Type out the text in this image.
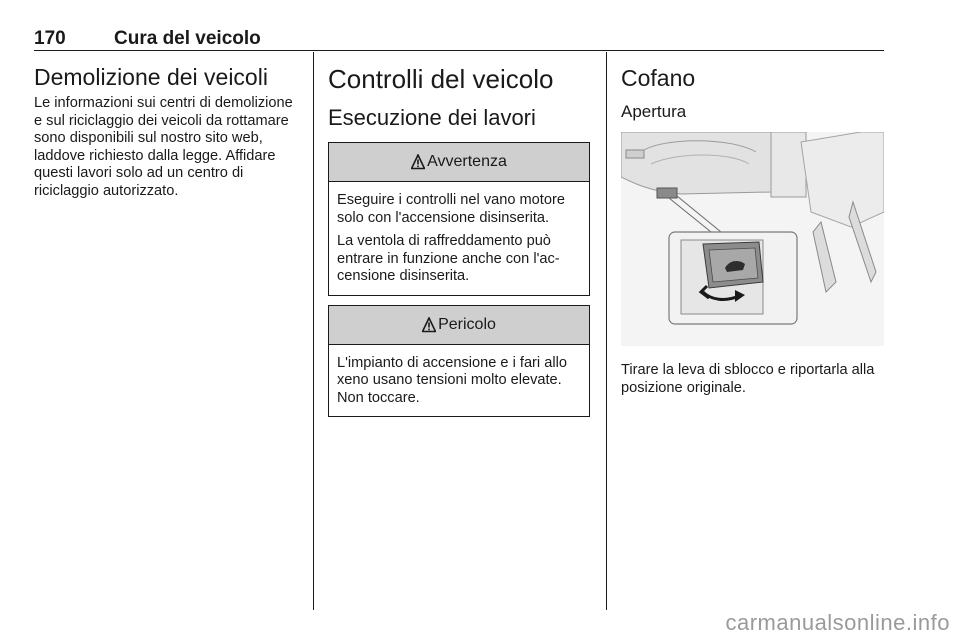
170	Cura del veicolo
Demolizione dei veicoli

Le informazioni sui centri di demolizione e sul riciclaggio dei veicoli da rottamare sono disponibili sul nostro sito web, laddove richiesto dalla legge. Affidare questi lavori solo ad un centro di riciclaggio autorizzato.

Controlli del veicolo
Esecuzione dei lavori
Avvertenza

Eseguire i controlli nel vano motore solo con l'accensione disinserita.

La ventola di raffreddamento può entrare in funzione anche con l'accensione disinserita.

Pericolo

L'impianto di accensione e i fari allo xeno usano tensioni molto elevate. Non toccare.

Cofano
Apertura

Tirare la leva di sblocco e riportarla alla posizione originale.

carmanualsonline.info
